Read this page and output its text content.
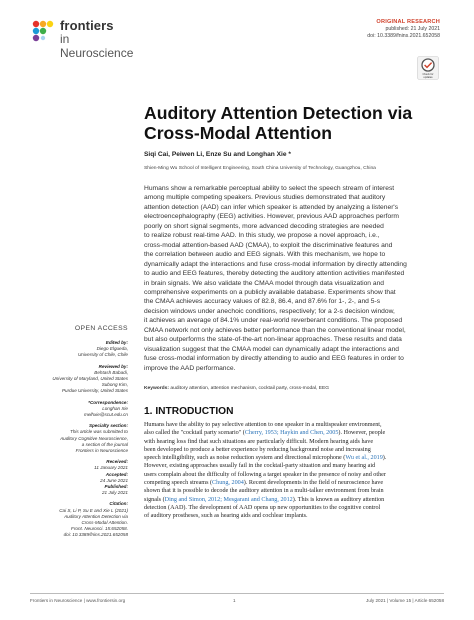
frontiers
in Neuroscience
ORIGINAL RESEARCH
published: 21 July 2021
doi: 10.3389/fnins.2021.652058
Check for
updates
Auditory Attention Detection via
Cross-Modal Attention
Siqi Cai, Peiwen Li, Enze Su and Longhan Xie *
Shien-Ming Wu School of Intelligent Engineering, South China University of Technology, Guangzhou, China
Humans show a remarkable perceptual ability to select the speech stream of interest
among multiple competing speakers. Previous studies demonstrated that auditory
attention detection (AAD) can infer which speaker is attended by analyzing a listener's
electroencephalography (EEG) activities. However, previous AAD approaches perform
poorly on short signal segments, more advanced decoding strategies are needed
to realize robust real-time AAD. In this study, we propose a novel approach, i.e.,
cross-modal attention-based AAD (CMAA), to exploit the discriminative features and
the correlation between audio and EEG signals. With this mechanism, we hope to
dynamically adapt the interactions and fuse cross-modal information by directly attending
to audio and EEG features, thereby detecting the auditory attention activities manifested
in brain signals. We also validate the CMAA model through data visualization and
comprehensive experiments on a publicly available database. Experiments show that
the CMAA achieves accuracy values of 82.8, 86.4, and 87.6% for 1-, 2-, and 5-s
decision windows under anechoic conditions, respectively; for a 2-s decision window,
it achieves an average of 84.1% under real-world reverberant conditions. The proposed
CMAA network not only achieves better performance than the conventional linear model,
but also outperforms the state-of-the-art non-linear approaches. These results and data
visualization suggest that the CMAA model can dynamically adapt the interactions and
fuse cross-modal information by directly attending to audio and EEG features in order to
improve the AAD performance.
Keywords: auditory attention, attention mechanism, cocktail party, cross-modal, EEG
1. INTRODUCTION
Humans have the ability to pay selective attention to one speaker in a multispeaker environment,
also called the "cocktail party scenario" (Cherry, 1953; Haykin and Chen, 2005). However, people
with hearing loss find that such situations are particularly difficult. Modern hearing aids have
been developed to produce a better experience by reducing background noise and increasing
speech intelligibility, such as noise reduction system and directional microphone (Wu et al., 2019).
However, existing approaches usually fail in the cocktail-party situation and many hearing aid
users complain about the difficulty of following a target speaker in the presence of noisy and other
competing speech streams (Chung, 2004). Recent developments in the field of neuroscience have
shown that it is possible to decode the auditory attention in a multi-talker environment from brain
signals (Ding and Simon, 2012; Mesgarani and Chang, 2012). This is known as auditory attention
detection (AAD). The development of AAD opens up new opportunities to the cognitive control
of auditory prostheses, such as hearing aids and cochlear implants.
OPEN ACCESS
Edited by:
Diego Elgueda,
University of Chile, Chile
Reviewed by:
Behtash Babadi,
University of Maryland, United States
Subong Kim,
Purdue University, United States
*Correspondence:
Longhan Xie
melhxie@scut.edu.cn
Specialty section:
This article was submitted to
Auditory Cognitive Neuroscience,
a section of the journal
Frontiers in Neuroscience
Received:
11 January 2021
Accepted:
24 June 2021
Published:
21 July 2021
Citation:
Cai S, Li P, Su E and Xie L (2021)
Auditory Attention Detection via
Cross-Modal Attention.
Front. Neurosci. 15:652058.
doi: 10.3389/fnins.2021.652058
Frontiers in Neuroscience | www.frontiersin.org	1	July 2021 | Volume 15 | Article 652058
